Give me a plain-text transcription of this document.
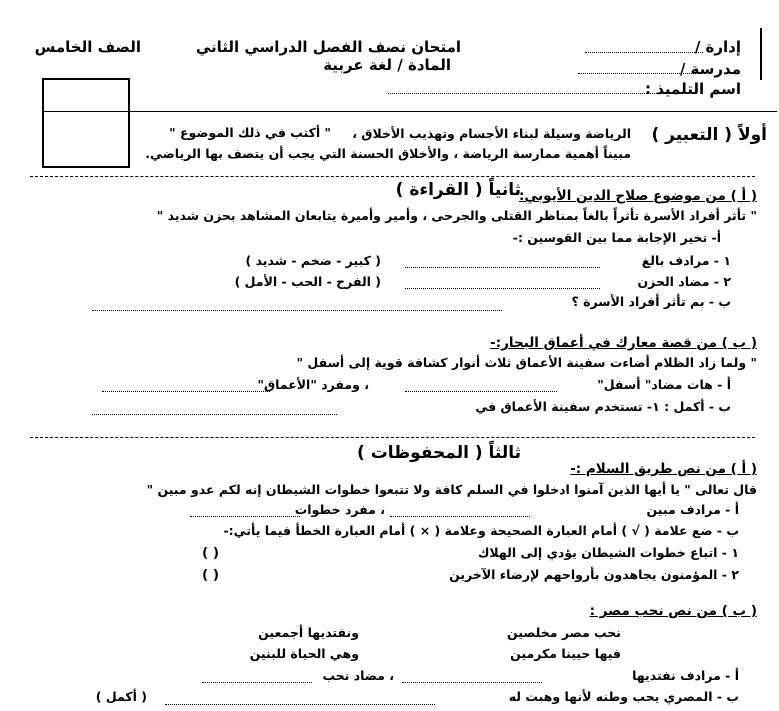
إدارة /
مدرسة /
اسم التلميذ :
امتحان نصف الفصل الدراسي الثاني
المادة / لغة عربية
الصف الخامس
أولاً ( التعبير )
الرياضة وسيلة لبناء الأجسام وتهذيب الأخلاق ،
" أكتب في ذلك الموضوع "
مبيناً أهمية ممارسة الرياضة ، والأخلاق الحسنة التي يجب أن يتصف بها الرياضي.
ثانياً ( القراءة )
( أ ) من موضوع صلاح الدين الأيوبي:
" تأثر أفراد الأسرة تأثراً بالغاً بمناظر القتلى والجرحى ، وأمير وأميرة يتابعان المشاهد بحزن شديد "
أ- تخير الإجابة مما بين القوسين :-
١ - مرادف بالغ
( كبير - ضخم - شديد )
٢ - مضاد الحزن
( الفرح - الحب - الأمل )
ب - بم تأثر أفراد الأسرة ؟
( ب ) من قصة معارك في أعماق البحار:-
" ولما زاد الظلام أضاءت سفينة الأعماق ثلاث أنوار كشافة قوية إلى أسفل "
أ - هات مضاد" أسفل"
، ومفرد "الأعماق"
ب - أكمل : ١- تستخدم سفينة الأعماق في
ثالثاً ( المحفوظات )
( أ ) من نص طريق السلام :-
قال تعالى " يا أيها الذين آمنوا ادخلوا في السلم كافة ولا تتبعوا خطوات الشيطان إنه لكم عدو مبين "
أ - مرادف مبين
، مفرد خطوات
ب - ضع علامة ( √ ) أمام العبارة الصحيحة وعلامة ( × ) أمام العبارة الخطأ فيما يأتي:-
١ - اتباع خطوات الشيطان يؤدي إلى الهلاك
( )
٢ - المؤمنون يجاهدون بأرواحهم لإرضاء الآخرين
( )
( ب ) من نص نحب مصر :
نحب مصر مخلصين
ونفتديها أجمعين
فيها حيينا مكرمين
وهي الحياة للبنين
أ - مرادف نفتديها
، مضاد نحب
ب - المصري يحب وطنه لأنها وهبت له
( أكمل )
